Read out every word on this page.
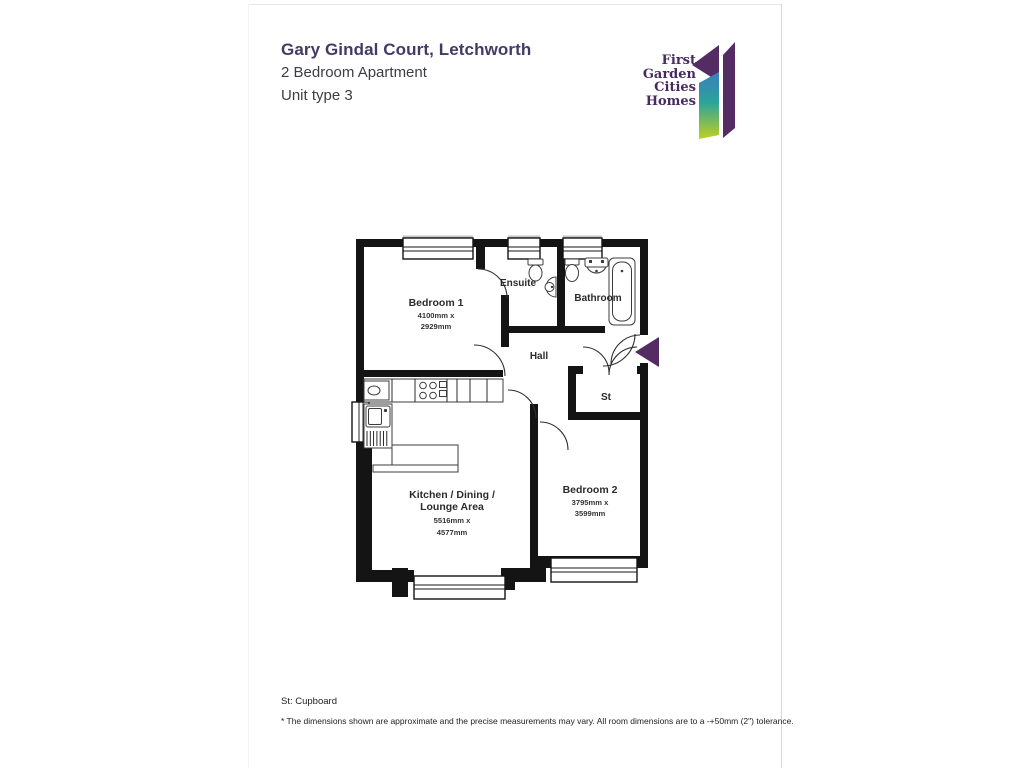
Gary Gindal Court, Letchworth
2 Bedroom Apartment
Unit type 3
First
Garden
Cities
Homes
Bedroom 1
4100mm x
2929mm
Ensuite
Bathroom
Hall
St
Kitchen / Dining /
Lounge Area
5516mm x
4577mm
Bedroom 2
3795mm x
3599mm
St: Cupboard
* The dimensions shown are approximate and the precise measurements may vary. All room dimensions are to a -+50mm (2") tolerance.
